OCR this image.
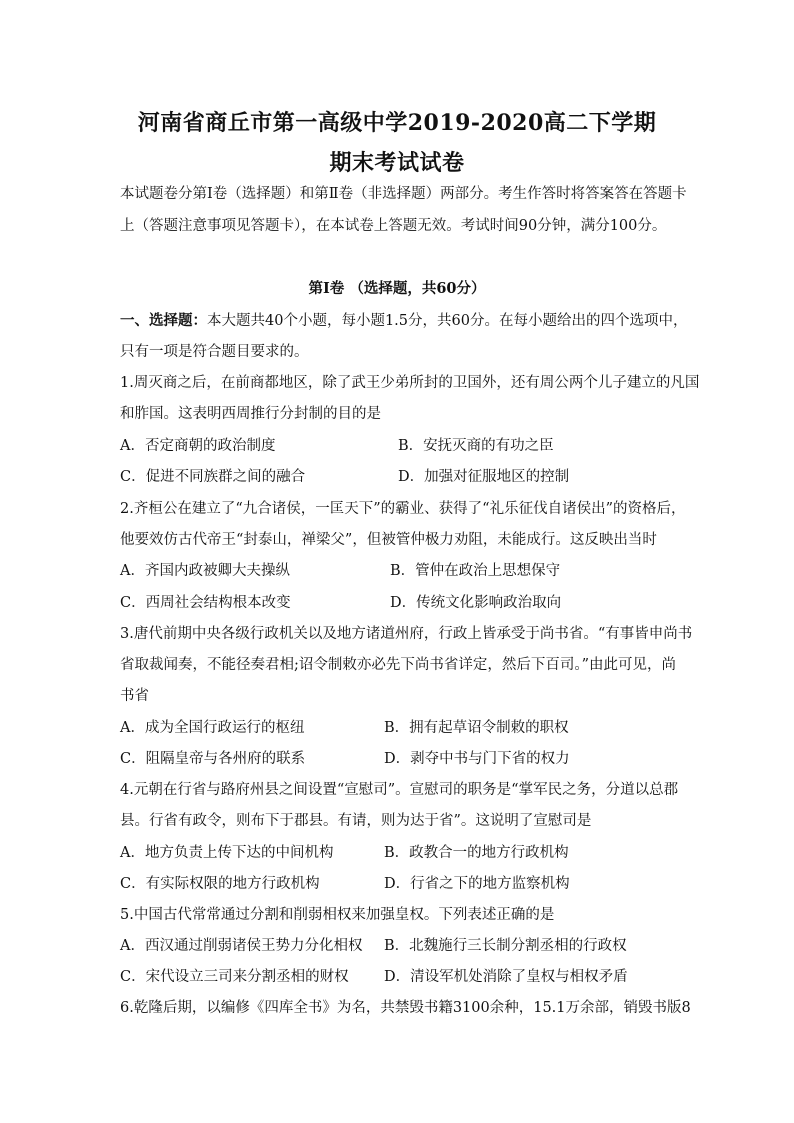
河南省商丘市第一高级中学2019-2020高二下学期
期末考试试卷
本试题卷分第Ⅰ卷（选择题）和第Ⅱ卷（非选择题）两部分。考生作答时将答案答在答题卡
上（答题注意事项见答题卡），在本试卷上答题无效。考试时间90分钟，满分100分。
第Ⅰ卷 （选择题，共60分）
一、选择题：本大题共40个小题，每小题1.5分，共60分。在每小题给出的四个选项中，
只有一项是符合题目要求的。
1.周灭商之后，在前商都地区，除了武王少弟所封的卫国外，还有周公两个儿子建立的凡国
和胙国。这表明西周推行分封制的目的是
A．否定商朝的政治制度	B．安抚灭商的有功之臣
C．促进不同族群之间的融合	D．加强对征服地区的控制
2.齐桓公在建立了“九合诸侯，一匡天下”的霸业、获得了“礼乐征伐自诸侯出”的资格后，
他要效仿古代帝王“封泰山，禅梁父”，但被管仲极力劝阻，未能成行。这反映出当时
A．齐国内政被卿大夫操纵	B．管仲在政治上思想保守
C．西周社会结构根本改变	D．传统文化影响政治取向
3.唐代前期中央各级行政机关以及地方诸道州府，行政上皆承受于尚书省。“有事皆申尚书
省取裁闻奏，不能径奏君相;诏令制敕亦必先下尚书省详定，然后下百司。”由此可见，尚
书省
A．成为全国行政运行的枢纽	B．拥有起草诏令制敕的职权
C．阻隔皇帝与各州府的联系	D．剥夺中书与门下省的权力
4.元朝在行省与路府州县之间设置“宣慰司”。宣慰司的职务是“掌军民之务，分道以总郡
县。行省有政令，则布下于郡县。有请，则为达于省”。这说明了宣慰司是
A．地方负责上传下达的中间机构	B．政教合一的地方行政机构
C．有实际权限的地方行政机构	D．行省之下的地方监察机构
5.中国古代常常通过分割和削弱相权来加强皇权。下列表述正确的是
A．西汉通过削弱诸侯王势力分化相权 B．北魏施行三长制分割丞相的行政权
C．宋代设立三司来分割丞相的财权 D．清设军机处消除了皇权与相权矛盾
6.乾隆后期，以编修《四库全书》为名，共禁毁书籍3100余种，15.1万余部，销毁书版8
